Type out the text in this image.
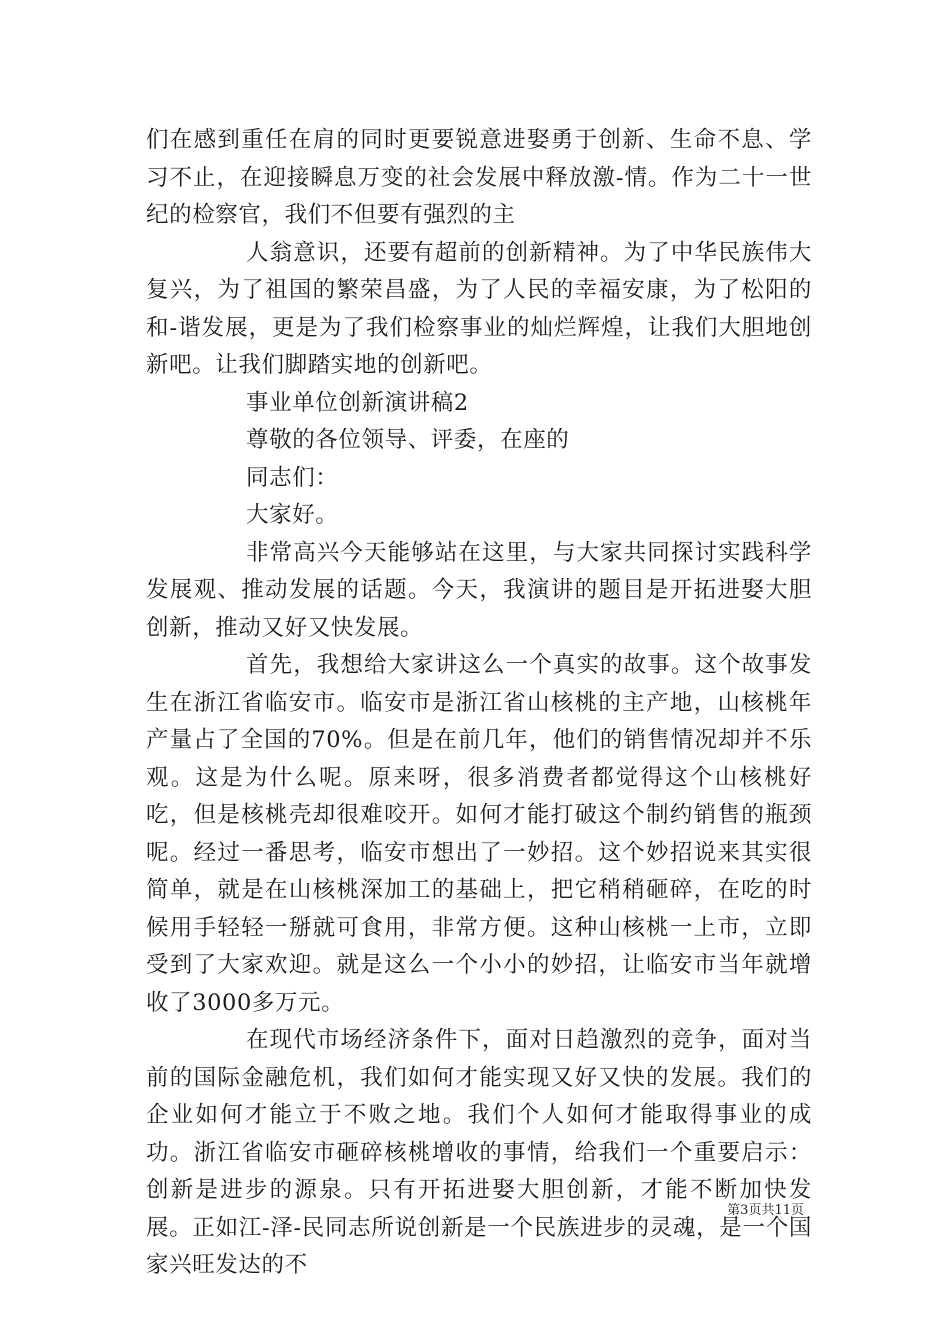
们在感到重任在肩的同时更要锐意进娶勇于创新、生命不息、学习不止，在迎接瞬息万变的社会发展中释放激-情。作为二十一世纪的检察官，我们不但要有强烈的主

人翁意识，还要有超前的创新精神。为了中华民族伟大复兴，为了祖国的繁荣昌盛，为了人民的幸福安康，为了松阳的和-谐发展，更是为了我们检察事业的灿烂辉煌，让我们大胆地创新吧。让我们脚踏实地的创新吧。

事业单位创新演讲稿2

尊敬的各位领导、评委，在座的

同志们：

大家好。

非常高兴今天能够站在这里，与大家共同探讨实践科学发展观、推动发展的话题。今天，我演讲的题目是开拓进娶大胆创新，推动又好又快发展。

首先，我想给大家讲这么一个真实的故事。这个故事发生在浙江省临安市。临安市是浙江省山核桃的主产地，山核桃年产量占了全国的70%。但是在前几年，他们的销售情况却并不乐观。这是为什么呢。原来呀，很多消费者都觉得这个山核桃好吃，但是核桃壳却很难咬开。如何才能打破这个制约销售的瓶颈呢。经过一番思考，临安市想出了一妙招。这个妙招说来其实很简单，就是在山核桃深加工的基础上，把它稍稍砸碎，在吃的时候用手轻轻一掰就可食用，非常方便。这种山核桃一上市，立即受到了大家欢迎。就是这么一个小小的妙招，让临安市当年就增收了3000多万元。

在现代市场经济条件下，面对日趋激烈的竞争，面对当前的国际金融危机，我们如何才能实现又好又快的发展。我们的企业如何才能立于不败之地。我们个人如何才能取得事业的成功。浙江省临安市砸碎核桃增收的事情，给我们一个重要启示：创新是进步的源泉。只有开拓进娶大胆创新，才能不断加快发展。正如江-泽-民同志所说创新是一个民族进步的灵魂，是一个国家兴旺发达的不

第3页共11页
